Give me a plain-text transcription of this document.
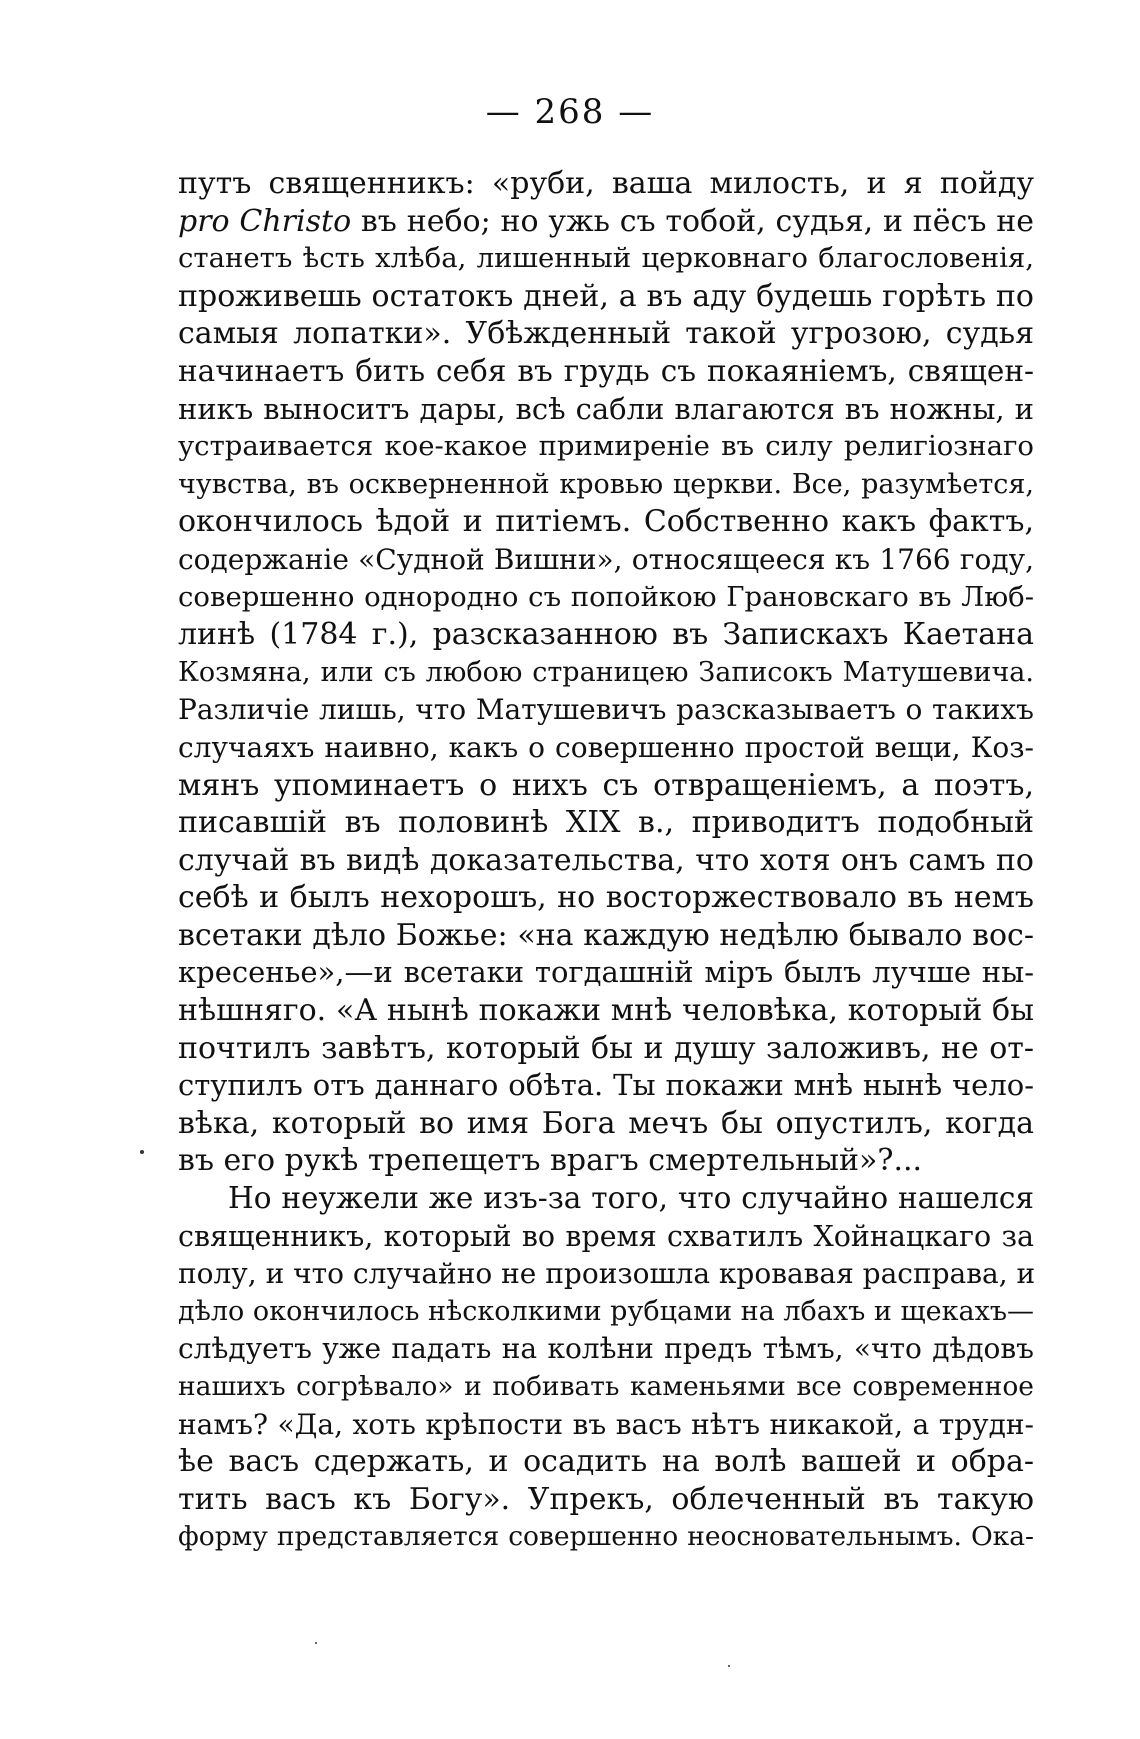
— 268 —
путъ священникъ: «руби, ваша милость, и я пойду
pro Christo въ небо; но ужь съ тобой, судья, и пёсъ не
станетъ ѣсть хлѣба, лишенный церковнаго благословенія,
проживешь остатокъ дней, а въ аду будешь горѣть по
самыя лопатки». Убѣжденный такой угрозою, судья
начинаетъ бить себя въ грудь съ покаяніемъ, священ-
никъ выноситъ дары, всѣ сабли влагаются въ ножны, и
устраивается кое-какое примиреніе въ силу религіознаго
чувства, въ оскверненной кровью церкви. Все, разумѣется,
окончилось ѣдой и питіемъ. Собственно какъ фактъ,
содержаніе «Судной Вишни», относящееся къ 1766 году,
совершенно однородно съ попойкою Грановскаго въ Люб-
линѣ (1784 г.), разсказанною въ Запискахъ Каетана
Козмяна, или съ любою страницею Записокъ Матушевича.
Различіе лишь, что Матушевичъ разсказываетъ о такихъ
случаяхъ наивно, какъ о совершенно простой вещи, Коз-
мянъ упоминаетъ о нихъ съ отвращеніемъ, а поэтъ,
писавшій въ половинѣ XIX в., приводитъ подобный
случай въ видѣ доказательства, что хотя онъ самъ по
себѣ и былъ нехорошъ, но восторжествовало въ немъ
всетаки дѣло Божье: «на каждую недѣлю бывало вос-
кресенье»,—и всетаки тогдашній міръ былъ лучше ны-
нѣшняго. «А нынѣ покажи мнѣ человѣка, который бы
почтилъ завѣтъ, который бы и душу заложивъ, не от-
ступилъ отъ даннаго обѣта. Ты покажи мнѣ нынѣ чело-
вѣка, который во имя Бога мечъ бы опустилъ, когда
въ его рукѣ трепещетъ врагъ смертельный»?...
Но неужели же изъ-за того, что случайно нашелся
священникъ, который во время схватилъ Хойнацкаго за
полу, и что случайно не произошла кровавая расправа, и
дѣло окончилось нѣсколкими рубцами на лбахъ и щекахъ—
слѣдуетъ уже падать на колѣни предъ тѣмъ, «что дѣдовъ
нашихъ согрѣвало» и побивать каменьями все современное
намъ? «Да, хоть крѣпости въ васъ нѣтъ никакой, а трудн-
ѣе васъ сдержать, и осадить на волѣ вашей и обра-
тить васъ къ Богу». Упрекъ, облеченный въ такую
форму представляется совершенно неосновательнымъ. Ока-
